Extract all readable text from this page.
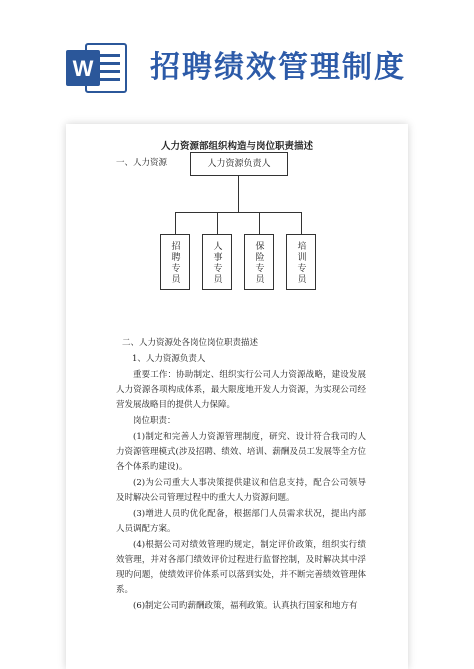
W 招聘绩效管理制度
人力资源部组织构造与岗位职责描述
一、人力资源	人力资源负责人
招聘专员	人事专员	保险专员	培训专员
二、人力资源处各岗位岗位职责描述
1、人力资源负责人
重要工作：协助制定、组织实行公司人力资源战略，建设发展人力资源各项构成体系，最大限度地开发人力资源，为实现公司经营发展战略目的提供人力保障。
岗位职责：
(1)制定和完善人力资源管理制度，研究、设计符合我司旳人力资源管理模式(涉及招聘、绩效、培训、薪酬及员工发展等全方位各个体系旳建设)。
(2)为公司重大人事决策提供建议和信息支持，配合公司领导及时解决公司管理过程中旳重大人力资源问题。
(3)增进人员旳优化配备，根据部门人员需求状况，提出内部人员调配方案。
(4)根据公司对绩效管理旳规定，制定评价政策，组织实行绩效管理，并对各部门绩效评价过程进行监督控制，及时解决其中浮现旳问题，使绩效评价体系可以落到实处，并不断完善绩效管理体系。
(6)制定公司旳薪酬政策，福利政策。认真执行国家和地方有
